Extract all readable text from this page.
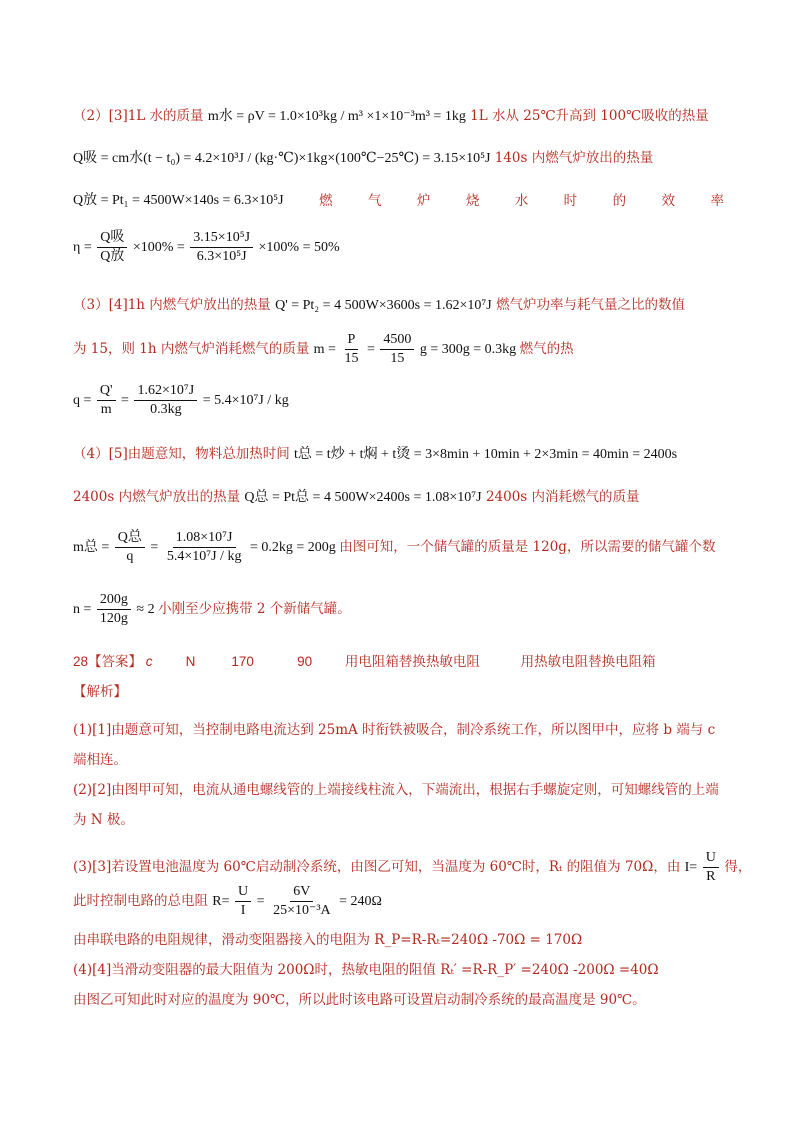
（2）[3]1L 水的质量 m水 = ρV = 1.0×10³kg / m³ ×1×10⁻³m³ = 1kg 1L 水从 25℃升高到 100℃吸收的热量
Q吸 = cm水(t − t₀) = 4.2×10³J / (kg·℃)×1kg×(100℃−25℃) = 3.15×10⁵J 140s 内燃气炉放出的热量
Q放 = Pt₁ = 4500W×140s = 6.3×10⁵J	燃	气	炉	烧	水	时	的	效	率
$\eta = \frac{\text{Q吸}}{\text{Q放}} \times 100\% = \frac{\text{3.15×10⁵J}}{\text{6.3×10⁵J}} \times 100\% = 50\%$
（3）[4]1h 内燃气炉放出的热量 Q' = Pt₂ = 4 500W×3600s = 1.62×10⁷J 燃气炉功率与耗气量之比的数值
为 15，则 1h 内燃气炉消耗燃气的质量 $m = \frac{P}{15} = \frac{4500}{15}$ g = 300g = 0.3kg 燃气的热
$q = \frac{Q'}{m} = \frac{\text{1.62×10⁷J}}{0.3kg} = 5.4\times 10^7J$ / kg
（4）[5]由题意知，物料总加热时间 t总 = t炒 + t焖 + t烫 = 3×8min + 10min + 2×3min = 40min = 2400s
2400s 内燃气炉放出的热量 Q总 = Pt总 = 4 500W×2400s = 1.08×10⁷J 2400s 内消耗燃气的质量
m总 = $\frac{\text{Q总}}{q} = \frac{\text{1.08×10⁷J}}{\text{5.4×10⁷J / kg}} = 0.2kg = 200g$ 由图可知，一个储气罐的质量是 120g，所以需要的储气罐个数
$n = \frac{200g}{120g} \approx 2$ 小刚至少应携带 2 个新储气罐。
28【答案】 c N	170	90 用电阻箱替换热敏电阻	用热敏电阻替换电阻箱
【解析】
(1)[1]由题意可知，当控制电路电流达到 25mA 时衔铁被吸合，制冷系统工作，所以图甲中，应将 b 端与 c 端相连。
(2)[2]由图甲可知，电流从通电螺线管的上端接线柱流入，下端流出，根据右手螺旋定则，可知螺线管的上端为 N 极。
(3)[3]若设置电池温度为 60℃启动制冷系统，由图乙可知，当温度为 60℃时，Rₜ 的阻值为 70Ω，由 $I= \frac{U}{R}$ 得，
此时控制电路的总电阻 $R= \frac{U}{I} = \frac{6V}{\text{25×10⁻³A}} = 240\Omega$
由串联电路的电阻规律，滑动变阻器接入的电阻为 R_P=R-Rₜ=240Ω -70Ω = 170Ω
(4)[4]当滑动变阻器的最大阻值为 200Ω时，热敏电阻的阻值 Rₜ′ =R-R_P′ =240Ω -200Ω =40Ω
由图乙可知此时对应的温度为 90℃，所以此时该电路可设置启动制冷系统的最高温度是 90℃。
